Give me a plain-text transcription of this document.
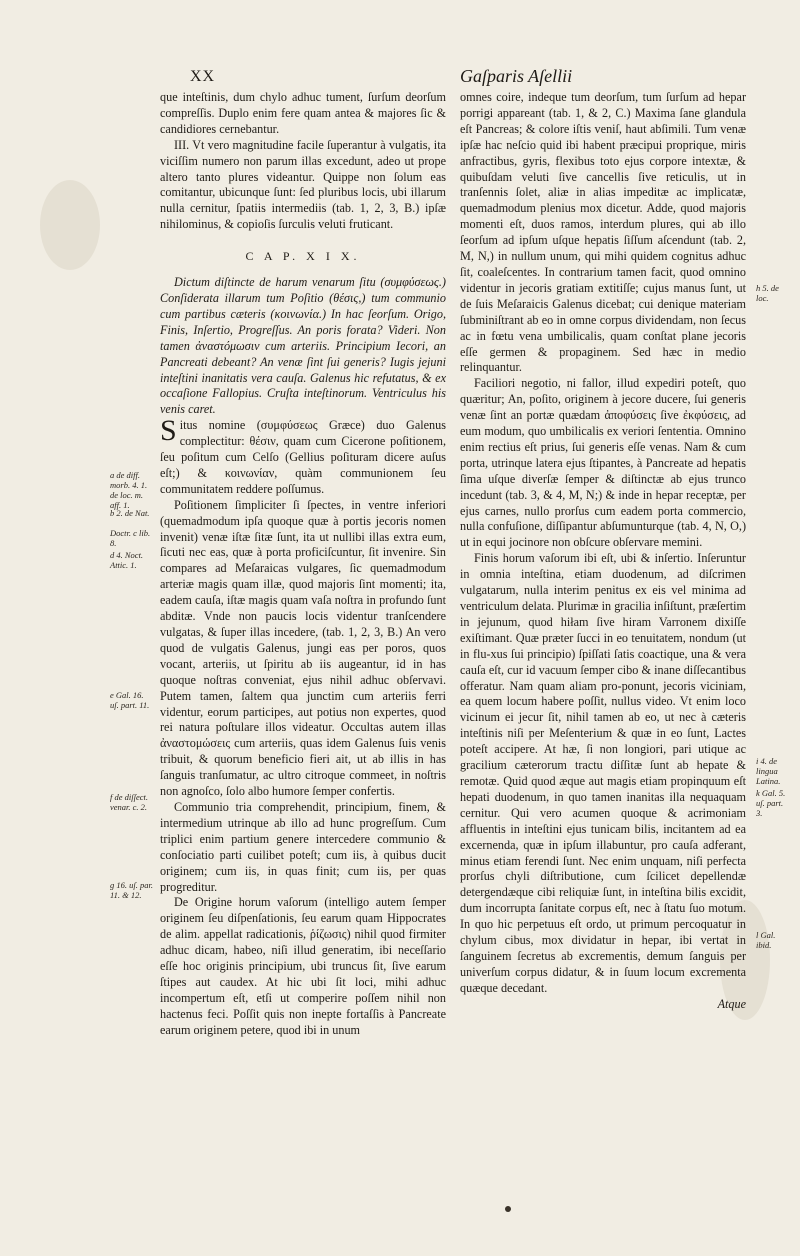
XX	Gaſparis Aſellii

que inteſtinis, dum chylo adhuc tument, ſurſum deorſum compreſſis. Duplo enim fere quam antea & majores ſic & candidiores cernebantur.

III. Vt vero magnitudine facile ſuperantur à vulgatis, ita viciſſim numero non parum illas excedunt, adeo ut prope altero tanto plures videantur. Quippe non ſolum eas comitantur, ubicunque ſunt: ſed pluribus locis, ubi illarum nulla cernitur, ſpatiis intermediis (tab. 1, 2, 3, B.) ipſæ nihilominus, & copioſis ſurculis veluti fruticant.

C A P. X I X.

Dictum diſtincte de harum venarum ſitu (συμφύσεως.) Conſiderata illarum tum Poſitio (θέσις,) tum communio cum partibus cæteris (κοινωνία.) In hac ſeorſum. Origo, Finis, Inſertio, Progreſſus. An poris forata? Videri. Non tamen ἀναστόμωσιν cum arteriis. Principium Iecori, an Pancreati debeant? An venæ ſint ſui generis? Iugis jejuni inteſtini inanitatis vera cauſa. Galenus hic refutatus, & ex occaſione Fallopius. Cruſta inteſtinorum. Ventriculus his venis caret.

Situs nomine (συμφύσεως Græce) duo Galenus complectitur: θέσιν, quam cum Cicerone poſitionem, ſeu poſitum cum Celſo (Gellius poſituram dicere auſus eſt;) & κοινωνίαν, quàm communionem ſeu communitatem reddere poſſumus.

Poſitionem ſimpliciter ſi ſpectes, in ventre inferiori (quemadmodum ipſa quoque quæ à portis jecoris nomen invenit) venæ iſtæ ſitæ ſunt, ita ut nullibi illas extra eum, ſicuti nec eas, quæ à porta proficiſcuntur, ſit invenire. Sin compares ad Meſaraicas vulgares, ſic quemadmodum arteriæ magis quam illæ, quod majoris ſint momenti; ita, eadem cauſa, iſtæ magis quam vaſa noſtra in profundo ſunt abditæ. Vnde non paucis locis videntur tranſcendere vulgatas, & ſuper illas incedere, (tab. 1, 2, 3, B.) An vero quod de vulgatis Galenus, jungi eas per poros, quos vocant, arteriis, ut ſpiritu ab iis augeantur, id in has quoque noſtras conveniat, ejus nihil adhuc obſervavi. Putem tamen, ſaltem qua junctim cum arteriis ferri videntur, eorum participes, aut potius non expertes, quod rei natura poſtulare illos videatur. Occultas autem illas ἀναστομώσεις cum arteriis, quas idem Galenus ſuis venis tribuit, & quorum beneficio fieri ait, ut ab illis in has ſanguis tranſumatur, ac ultro citroque commeet, in noſtris non agnoſco, ſolo albo humore ſemper confertis.

Communio tria comprehendit, principium, finem, & intermedium utrinque ab illo ad hunc progreſſum. Cum triplici enim partium genere intercedere communio & conſociatio parti cuilibet poteſt; cum iis, à quibus ducit originem; cum iis, in quas finit; cum iis, per quas progreditur.

De Origine horum vaſorum (intelligo autem ſemper originem ſeu diſpenſationis, ſeu earum quam Hippocrates de alim. appellat radicationis, ῥίζωσις) nihil quod firmiter adhuc dicam, habeo, niſi illud generatim, ibi neceſſario eſſe hoc originis principium, ubi truncus ſit, ſive earum ſtipes aut caudex. At hic ubi ſit loci, mihi adhuc incompertum eſt, etſi ut comperire poſſem nihil non hactenus feci. Poſſit quis non inepte fortaſſis à Pancreate earum originem petere, quod ibi in unum

omnes coire, indeque tum deorſum, tum ſurſum ad hepar porrigi appareant (tab. 1, & 2, C.) Maxima ſane glandula eſt Pancreas; & colore iſtis veniſ, haut abſimili. Tum venæ ipſæ hac neſcio quid ibi habent præcipui proprique, miris anfractibus, gyris, flexibus toto ejus corpore intextæ, & quibuſdam veluti ſive cancellis ſive reticulis, ut in tranſennis ſolet, aliæ in alias impeditæ ac implicatæ, quemadmodum plenius mox dicetur. Adde, quod majoris momenti eſt, duos ramos, interdum plures, qui ab illo ſeorſum ad ipſum uſque hepatis ſiſſum aſcendunt (tab. 2, M, N,) in nullum unum, qui mihi quidem cognitus adhuc ſit, coaleſcentes. In contrarium tamen facit, quod omnino videntur in jecoris gratiam extitiſſe; cujus manus ſunt, ut de ſuis Meſaraicis Galenus dicebat; cui denique materiam ſubminiſtrant ab eo in omne corpus dividendam, non ſecus ac in fœtu vena umbilicalis, quam conſtat plane jecoris eſſe germen & propaginem. Sed hæc in medio relinquantur.

Faciliori negotio, ni fallor, illud expediri poteſt, quo quæritur; An, poſito, originem à jecore ducere, ſui generis venæ ſint an portæ quædam ἀποφύσεις ſive ἐκφύσεις, ad eum modum, quo umbilicalis ex veriori ſententia. Omnino enim rectius eſt prius, ſui generis eſſe venas. Nam & cum porta, utrinque latera ejus ſtipantes, à Pancreate ad hepatis ſima uſque diverſæ ſemper & diſtinctæ ab ejus trunco incedunt (tab. 3, & 4, M, N;) & inde in hepar receptæ, per ejus carnes, nullo prorſus cum eadem porta commercio, nulla confuſione, diſſipantur abſumunturque (tab. 4, N, O,) ut in equi jocinore non obſcure obſervare memini.

Finis horum vaſorum ibi eſt, ubi & inſertio. Inſeruntur in omnia inteſtina, etiam duodenum, ad diſcrimen vulgatarum, nulla interim penitus ex eis vel minima ad ventriculum delata. Plurimæ in gracilia inſiſtunt, præſertim in jejunum, quod hiłam ſive hiram Varronem dixiſſe exiſtimant. Quæ præter ſucci in eo tenuitatem, nondum (ut in flu-xus ſui principio) ſpiſſati ſatis coactique, una & vera cauſa eſt, cur id vacuum ſemper cibo & inane diſſecantibus offeratur. Nam quam aliam pro-ponunt, jecoris viciniam, ea quem locum habere poſſit, nullus video. Vt enim loco vicinum ei jecur ſit, nihil tamen ab eo, ut nec à cæteris inteſtinis niſi per Meſenterium & quæ in eo ſunt, Lactes poteſt accipere. At hæ, ſi non longiori, pari utique ac gracilium cæterorum tractu diſſitæ ſunt ab hepate & remotæ. Quid quod æque aut magis etiam propinquum eſt hepati duodenum, in quo tamen inanitas illa nequaquam cernitur. Qui vero acumen quoque & acrimoniam affluentis in inteſtini ejus tunicam bilis, incitantem ad ea excernenda, quæ in ipſum illabuntur, pro cauſa adferant, minus etiam ferendi ſunt. Nec enim unquam, niſi perfecta prorſus chyli diſtributione, cum ſcilicet depellendæ detergendæque cibi reliquiæ ſunt, in inteſtina bilis excidit, dum incorrupta ſanitate corpus eſt, nec à ſtatu ſuo motum. In quo hic perpetuus eſt ordo, ut primum percoquatur in chylum cibus, mox dividatur in hepar, ibi vertat in ſanguinem ſecretus ab excrementis, demum ſanguis per univerſum corpus didatur, & in ſuum locum excrementa quæque decedant.

Atque
a de diff. morb. 4. 1. de loc. m. aff. 1.
b 2. de Nat.
Doctr. c lib. 8.
d 4. Noct. Attic. 1.
e Gal. 16. uſ. part. 11.
f de diſſect. venar. c. 2.
g 16. uſ. par. 11. & 12.
h 5. de loc.
i 4. de lingua Latina.
k Gal. 5. uſ. part. 3.
l Gal. ibid.
